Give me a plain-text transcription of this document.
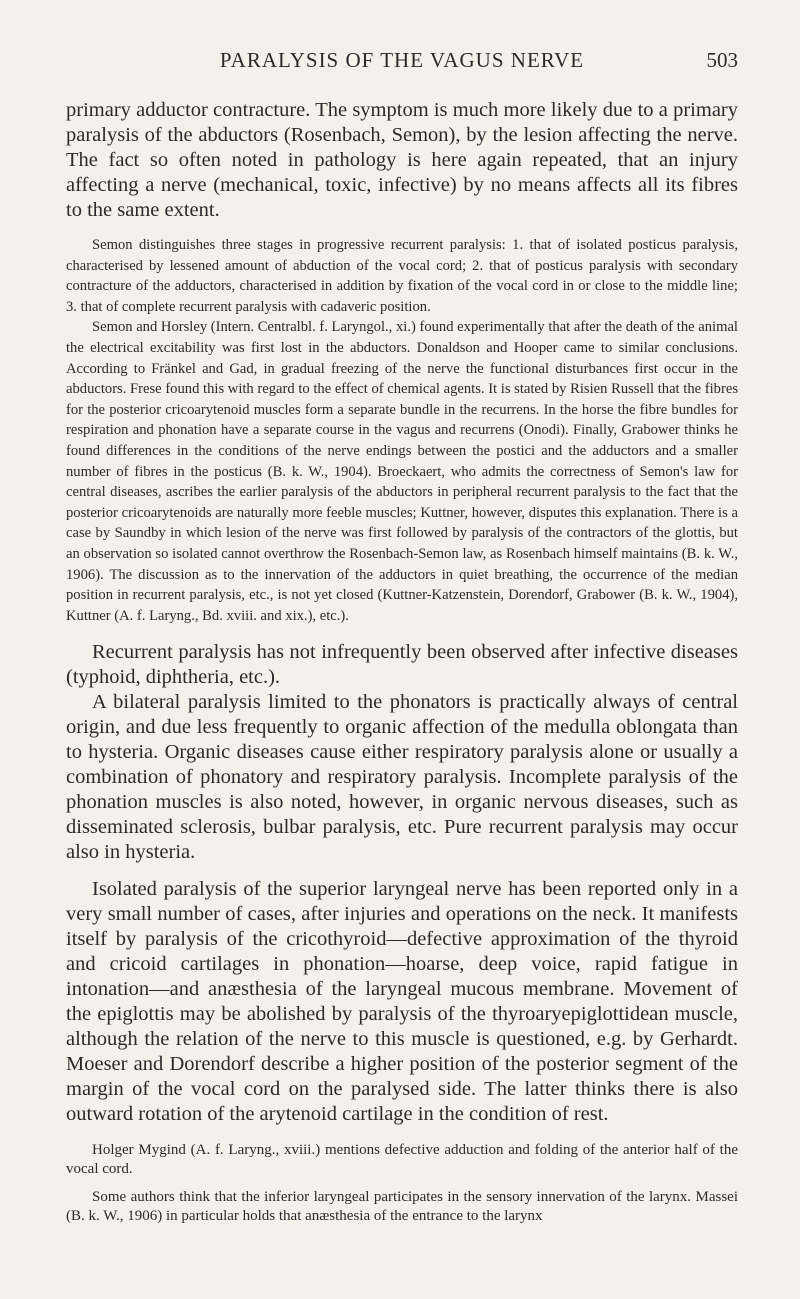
PARALYSIS OF THE VAGUS NERVE	503

primary adductor contracture. The symptom is much more likely due to a primary paralysis of the abductors (Rosenbach, Semon), by the lesion affecting the nerve. The fact so often noted in pathology is here again repeated, that an injury affecting a nerve (mechanical, toxic, infective) by no means affects all its fibres to the same extent.

Semon distinguishes three stages in progressive recurrent paralysis: 1. that of isolated posticus paralysis, characterised by lessened amount of abduction of the vocal cord; 2. that of posticus paralysis with secondary contracture of the adductors, characterised in addition by fixation of the vocal cord in or close to the middle line; 3. that of complete recurrent paralysis with cadaveric position.

Semon and Horsley (Intern. Centralbl. f. Laryngol., xi.) found experimentally that after the death of the animal the electrical excitability was first lost in the abductors. Donaldson and Hooper came to similar conclusions. According to Fränkel and Gad, in gradual freezing of the nerve the functional disturbances first occur in the abductors. Frese found this with regard to the effect of chemical agents. It is stated by Risien Russell that the fibres for the posterior cricoarytenoid muscles form a separate bundle in the recurrens. In the horse the fibre bundles for respiration and phonation have a separate course in the vagus and recurrens (Onodi). Finally, Grabower thinks he found differences in the conditions of the nerve endings between the postici and the adductors and a smaller number of fibres in the posticus (B. k. W., 1904). Broeckaert, who admits the correctness of Semon's law for central diseases, ascribes the earlier paralysis of the abductors in peripheral recurrent paralysis to the fact that the posterior cricoarytenoids are naturally more feeble muscles; Kuttner, however, disputes this explanation. There is a case by Saundby in which lesion of the nerve was first followed by paralysis of the contractors of the glottis, but an observation so isolated cannot overthrow the Rosenbach-Semon law, as Rosenbach himself maintains (B. k. W., 1906). The discussion as to the innervation of the adductors in quiet breathing, the occurrence of the median position in recurrent paralysis, etc., is not yet closed (Kuttner-Katzenstein, Dorendorf, Grabower (B. k. W., 1904), Kuttner (A. f. Laryng., Bd. xviii. and xix.), etc.).

Recurrent paralysis has not infrequently been observed after infective diseases (typhoid, diphtheria, etc.).

A bilateral paralysis limited to the phonators is practically always of central origin, and due less frequently to organic affection of the medulla oblongata than to hysteria. Organic diseases cause either respiratory paralysis alone or usually a combination of phonatory and respiratory paralysis. Incomplete paralysis of the phonation muscles is also noted, however, in organic nervous diseases, such as disseminated sclerosis, bulbar paralysis, etc. Pure recurrent paralysis may occur also in hysteria.

Isolated paralysis of the superior laryngeal nerve has been reported only in a very small number of cases, after injuries and operations on the neck. It manifests itself by paralysis of the cricothyroid—defective approximation of the thyroid and cricoid cartilages in phonation—hoarse, deep voice, rapid fatigue in intonation—and anæsthesia of the laryngeal mucous membrane. Movement of the epiglottis may be abolished by paralysis of the thyroaryepiglottidean muscle, although the relation of the nerve to this muscle is questioned, e.g. by Gerhardt. Moeser and Dorendorf describe a higher position of the posterior segment of the margin of the vocal cord on the paralysed side. The latter thinks there is also outward rotation of the arytenoid cartilage in the condition of rest.

Holger Mygind (A. f. Laryng., xviii.) mentions defective adduction and folding of the anterior half of the vocal cord.

Some authors think that the inferior laryngeal participates in the sensory innervation of the larynx. Massei (B. k. W., 1906) in particular holds that anæsthesia of the entrance to the larynx
